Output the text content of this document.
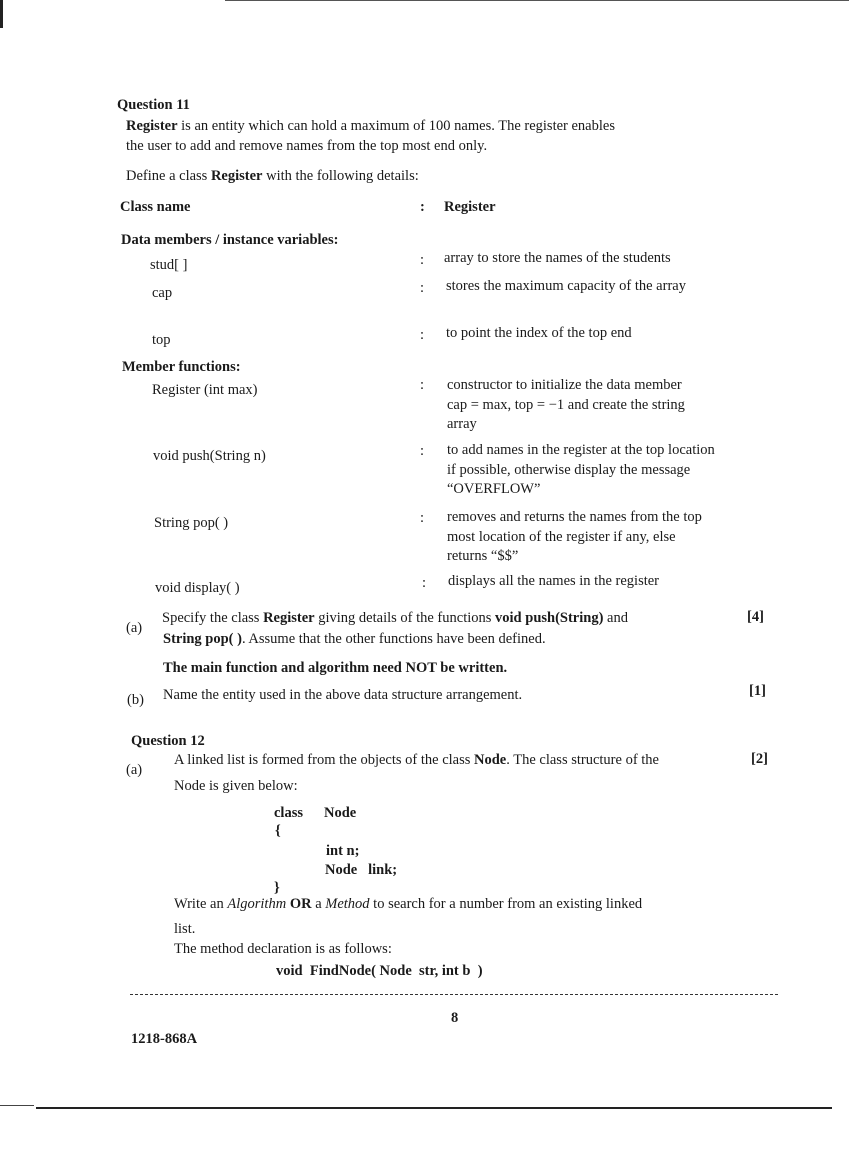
Question 11
Register is an entity which can hold a maximum of 100 names. The register enables
the user to add and remove names from the top most end only.
Define a class Register with the following details:
Class name	: Register
Data members / instance variables:
stud[ ]	: array to store the names of the students
cap	: stores the maximum capacity of the array
top	: to point the index of the top end
Member functions:
Register (int max)	: constructor to initialize the data member cap = max, top = −1 and create the string array
void push(String n)	: to add names in the register at the top location if possible, otherwise display the message “OVERFLOW”
String pop( )	: removes and returns the names from the top most location of the register if any, else returns “$$”
void display( )	: displays all the names in the register
(a)
Specify the class Register giving details of the functions void push(String) and
String pop( ). Assume that the other functions have been defined.
[4]
The main function and algorithm need NOT be written.
(b) Name the entity used in the above data structure arrangement.	[1]
Question 12
(a)
A linked list is formed from the objects of the class Node. The class structure of the
Node is given below:
[2]
class Node
{
int n;
Node   link;
}
Write an Algorithm OR a Method to search for a number from an existing linked
list.
The method declaration is as follows:
void  FindNode( Node  str, int b  )
8
1218-868A
